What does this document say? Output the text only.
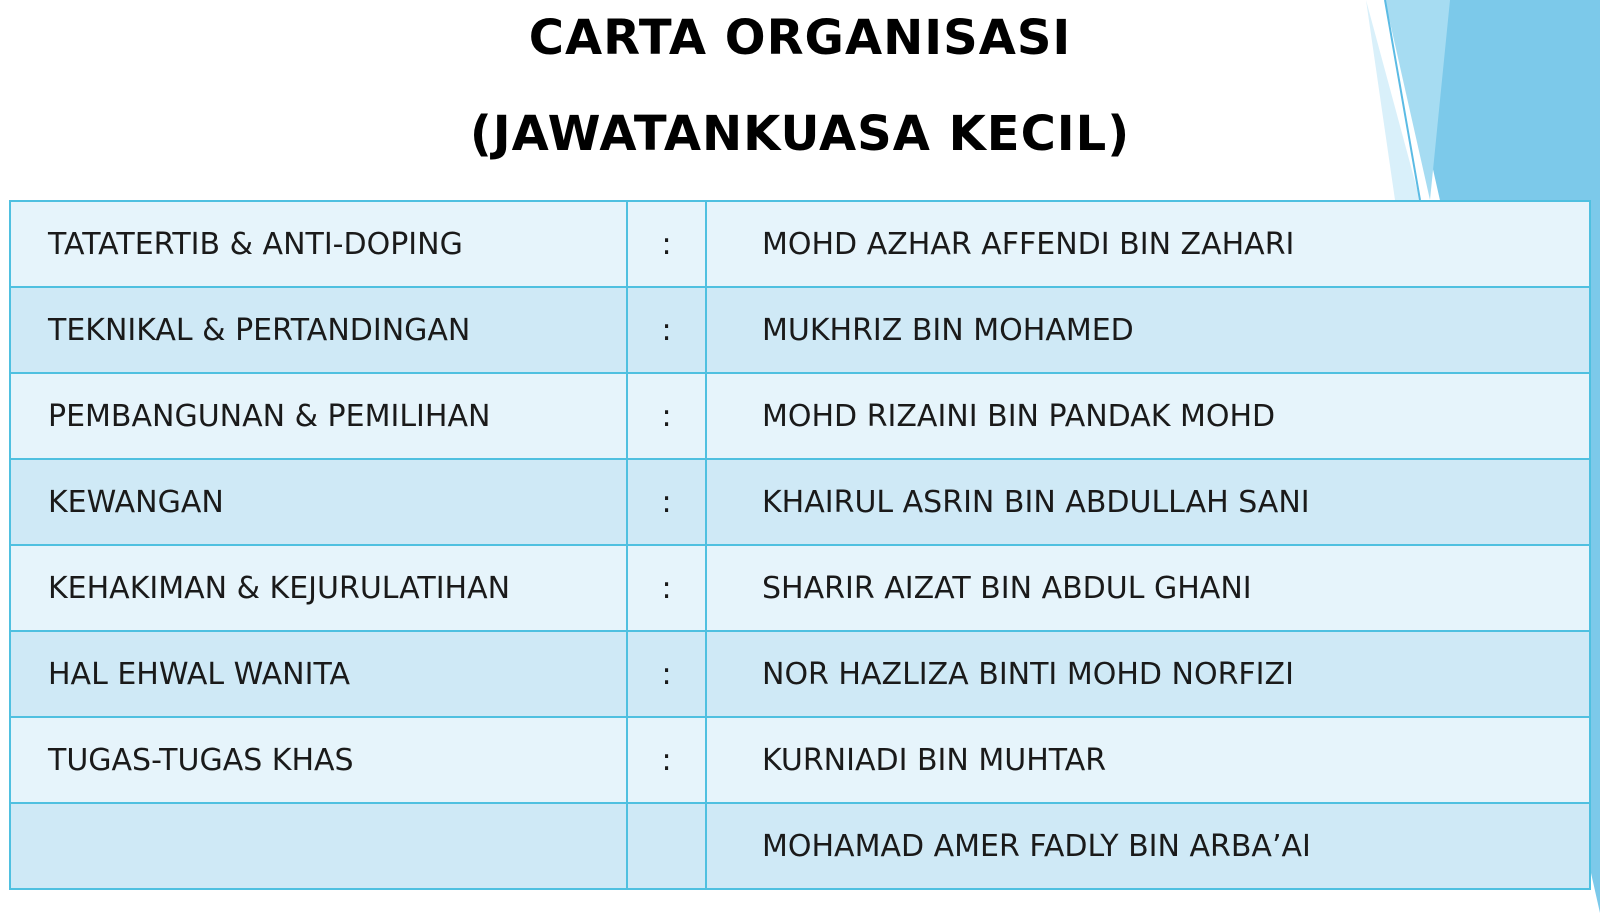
CARTA ORGANISASI
(JAWATANKUASA KECIL)
TATATERTIB & ANTI-DOPING	:	MOHD AZHAR AFFENDI BIN ZAHARI
TEKNIKAL & PERTANDINGAN	:	MUKHRIZ BIN MOHAMED
PEMBANGUNAN & PEMILIHAN	:	MOHD RIZAINI BIN PANDAK MOHD
KEWANGAN	:	KHAIRUL ASRIN BIN ABDULLAH SANI
KEHAKIMAN & KEJURULATIHAN	:	SHARIR AIZAT BIN ABDUL GHANI
HAL EHWAL WANITA	:	NOR HAZLIZA BINTI MOHD NORFIZI
TUGAS-TUGAS KHAS	:	KURNIADI BIN MUHTAR
		MOHAMAD AMER FADLY BIN ARBA’AI
